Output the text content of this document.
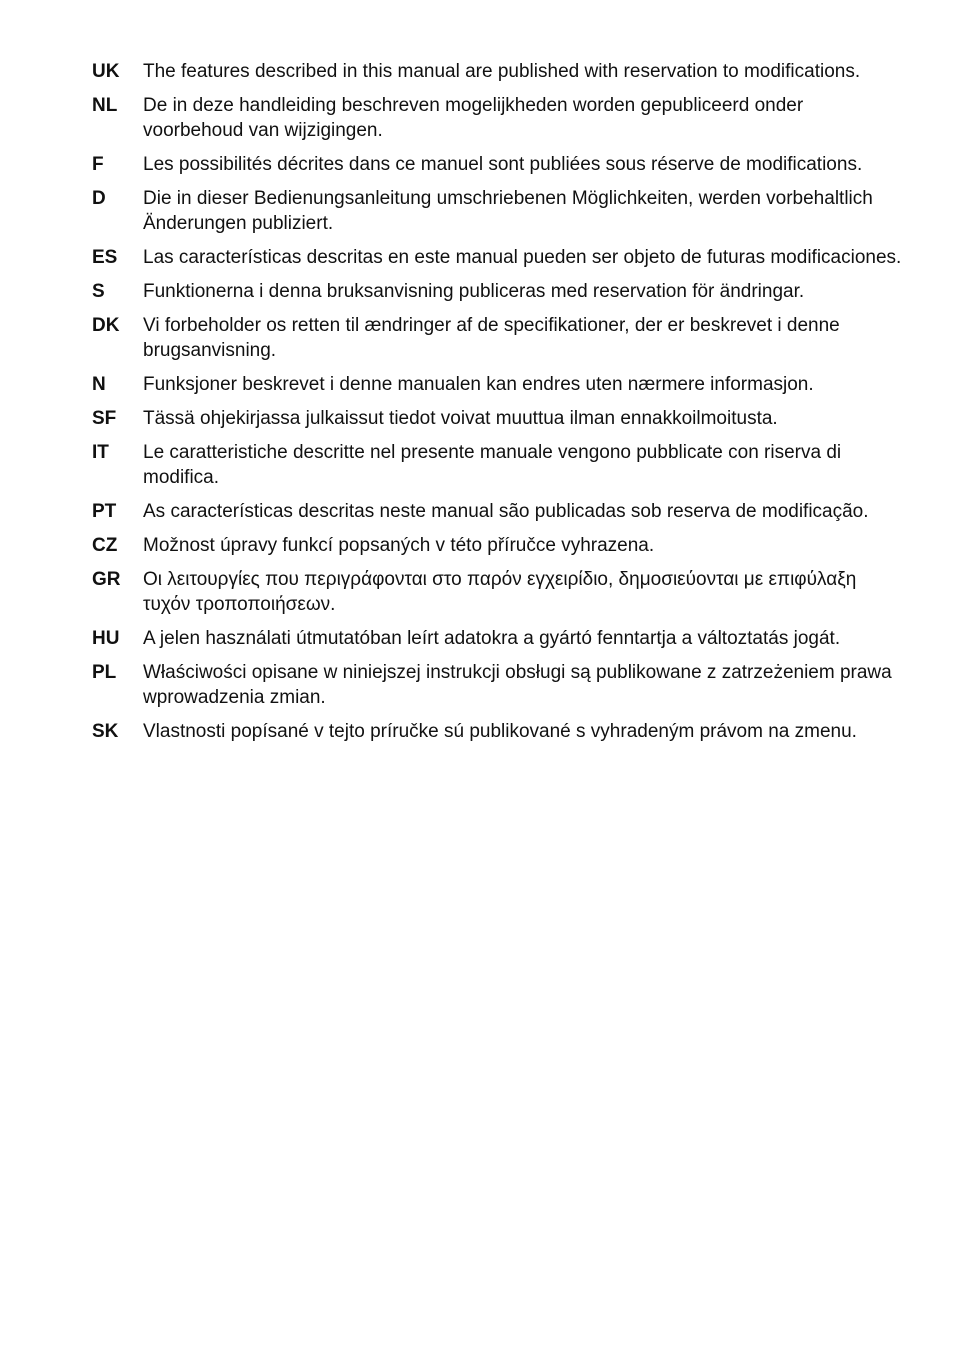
UK	The features described in this manual are published with reservation to modifications.
NL	De in deze handleiding beschreven mogelijkheden worden gepubliceerd onder voorbehoud van wijzigingen.
F	Les possibilités décrites dans ce manuel sont publiées sous réserve de modifications.
D	Die in dieser Bedienungsanleitung umschriebenen Möglichkeiten, werden vorbehaltlich Änderungen publiziert.
ES	Las características descritas en este manual pueden ser objeto de futuras modificaciones.
S	Funktionerna i denna bruksanvisning publiceras med reservation för ändringar.
DK	Vi forbeholder os retten til ændringer af de specifikationer, der er beskrevet i denne brugsanvisning.
N	Funksjoner beskrevet i denne manualen kan endres uten nærmere informasjon.
SF	Tässä ohjekirjassa julkaissut tiedot voivat muuttua ilman ennakkoilmoitusta.
IT	Le caratteristiche descritte nel presente manuale vengono pubblicate con riserva di modifica.
PT	As características descritas neste manual são publicadas sob reserva de modificação.
CZ	Možnost úpravy funkcí popsaných v této příručce vyhrazena.
GR	Οι λειτουργίες που περιγράφονται στο παρόν εγχειρίδιο, δημοσιεύονται με επιφύλαξη τυχόν τροποποιήσεων.
HU	A jelen használati útmutatóban leírt adatokra a gyártó fenntartja a változtatás jogát.
PL	Właściwości opisane w niniejszej instrukcji obsługi są publikowane z zatrzeżeniem prawa wprowadzenia zmian.
SK	Vlastnosti popísané v tejto príručke sú publikované s vyhradeným právom na zmenu.
